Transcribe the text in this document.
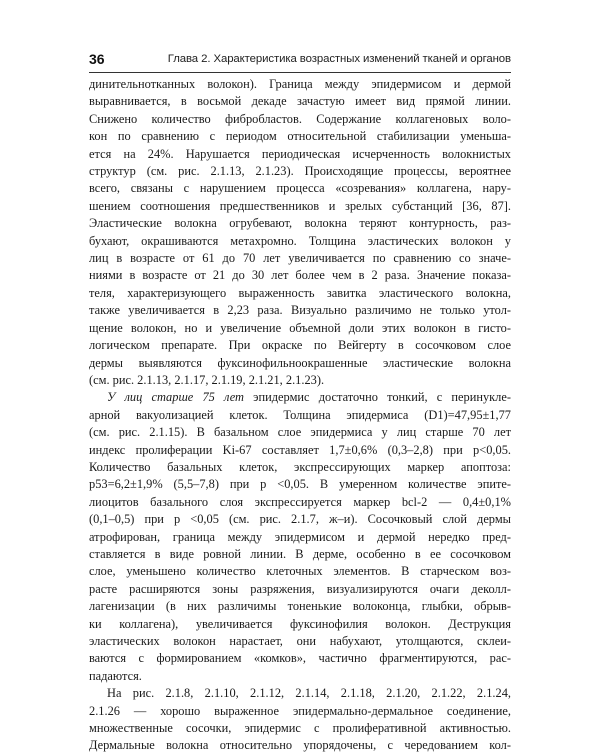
36	Глава 2. Характеристика возрастных изменений тканей и органов
динительнотканных волокон). Граница между эпидермисом и дермой
выравнивается, в восьмой декаде зачастую имеет вид прямой линии.
Снижено количество фибробластов. Содержание коллагеновых воло-
кон по сравнению с периодом относительной стабилизации уменьша-
ется на 24%. Нарушается периодическая исчерченность волокнистых
структур (см. рис. 2.1.13, 2.1.23). Происходящие процессы, вероятнее
всего, связаны с нарушением процесса «созревания» коллагена, нару-
шением соотношения предшественников и зрелых субстанций [36, 87].
Эластические волокна огрубевают, волокна теряют контурность, раз-
бухают, окрашиваются метахромно. Толщина эластических волокон у
лиц в возрасте от 61 до 70 лет увеличивается по сравнению со значе-
ниями в возрасте от 21 до 30 лет более чем в 2 раза. Значение показа-
теля, характеризующего выраженность завитка эластического волокна,
также увеличивается в 2,23 раза. Визуально различимо не только утол-
щение волокон, но и увеличение объемной доли этих волокон в гисто-
логическом препарате. При окраске по Вейгерту в сосочковом слое
дермы выявляются фуксинофильноокрашенные эластические волокна
(см. рис. 2.1.13, 2.1.17, 2.1.19, 2.1.21, 2.1.23).
У лиц старше 75 лет эпидермис достаточно тонкий, с перинукле-
арной вакуолизацией клеток. Толщина эпидермиса (D1)=47,95±1,77
(см. рис. 2.1.15). В базальном слое эпидермиса у лиц старше 70 лет
индекс пролиферации Ki-67 составляет 1,7±0,6% (0,3–2,8) при p<0,05.
Количество базальных клеток, экспрессирующих маркер апоптоза:
p53=6,2±1,9% (5,5–7,8) при p <0,05. В умеренном количестве эпите-
лиоцитов базального слоя экспрессируется маркер bcl-2 — 0,4±0,1%
(0,1–0,5) при p <0,05 (см. рис. 2.1.7, ж–и). Сосочковый слой дермы
атрофирован, граница между эпидермисом и дермой нередко пред-
ставляется в виде ровной линии. В дерме, особенно в ее сосочковом
слое, уменьшено количество клеточных элементов. В старческом воз-
расте расширяются зоны разряжения, визуализируются очаги деколл-
лагенизации (в них различимы тоненькие волоконца, глыбки, обрыв-
ки коллагена), увеличивается фуксинофилия волокон. Деструкция
эластических волокон нарастает, они набухают, утолщаются, склеи-
ваются с формированием «комков», частично фрагментируются, рас-
падаются.
На рис. 2.1.8, 2.1.10, 2.1.12, 2.1.14, 2.1.18, 2.1.20, 2.1.22, 2.1.24,
2.1.26 — хорошо выраженное эпидермально-дермальное соединение,
множественные сосочки, эпидермис с пролиферативной активностью.
Дермальные волокна относительно упорядочены, с чередованием кол-
